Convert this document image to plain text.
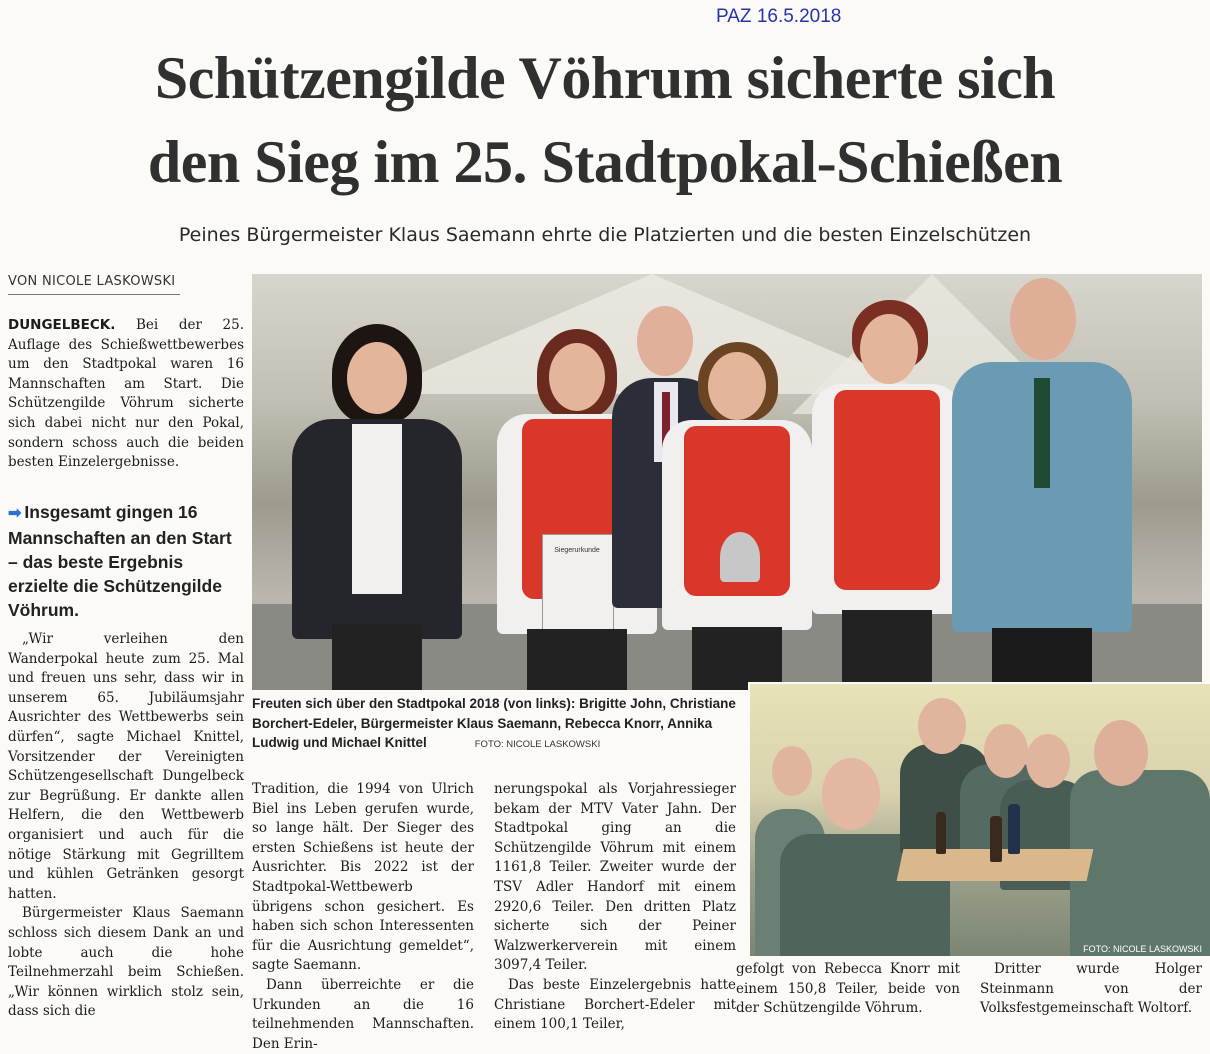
PAZ 16.5.2018
Schützengilde Vöhrum sicherte sich
den Sieg im 25. Stadtpokal-Schießen
Peines Bürgermeister Klaus Saemann ehrte die Platzierten und die besten Einzelschützen
VON NICOLE LASKOWSKI

DUNGELBECK. Bei der 25. Auflage des Schießwettbewerbes um den Stadtpokal waren 16 Mannschaften am Start. Die Schützengilde Vöhrum sicherte sich dabei nicht nur den Pokal, sondern schoss auch die beiden besten Einzelergebnisse.

➡ Insgesamt gingen 16 Mannschaften an den Start – das beste Ergebnis erzielte die Schützengilde Vöhrum.

„Wir verleihen den Wanderpokal heute zum 25. Mal und freuen uns sehr, dass wir in unserem 65. Jubiläumsjahr Ausrichter des Wettbewerbs sein dürfen“, sagte Michael Knittel, Vorsitzender der Vereinigten Schützengesellschaft Dungelbeck zur Begrüßung. Er dankte allen Helfern, die den Wettbewerb organisiert und auch für die nötige Stärkung mit Gegrilltem und kühlen Getränken gesorgt hatten.

Bürgermeister Klaus Saemann schloss sich diesem Dank an und lobte auch die hohe Teilnehmerzahl beim Schießen. „Wir können wirklich stolz sein, dass sich die

Siegerurkunde
Freuten sich über den Stadtpokal 2018 (von links): Brigitte John, Christiane Borchert-Edeler, Bürgermeister Klaus Saemann, Rebecca Knorr, Annika Ludwig und Michael Knittel	FOTO: NICOLE LASKOWSKI
FOTO: NICOLE LASKOWSKI

Tradition, die 1994 von Ulrich Biel ins Leben gerufen wurde, so lange hält. Der Sieger des ersten Schießens ist heute der Ausrichter. Bis 2022 ist der Stadtpokal-Wettbewerb übrigens schon gesichert. Es haben sich schon Interessenten für die Ausrichtung gemeldet“, sagte Saemann.

Dann überreichte er die Urkunden an die 16 teilnehmenden Mannschaften. Den Erin-

nerungspokal als Vorjahressieger bekam der MTV Vater Jahn. Der Stadtpokal ging an die Schützengilde Vöhrum mit einem 1161,8 Teiler. Zweiter wurde der TSV Adler Handorf mit einem 2920,6 Teiler. Den dritten Platz sicherte sich der Peiner Walzwerkerverein mit einem 3097,4 Teiler.

Das beste Einzelergebnis hatte Christiane Borchert-Edeler mit einem 100,1 Teiler,

gefolgt von Rebecca Knorr mit einem 150,8 Teiler, beide von der Schützengilde Vöhrum.

Dritter wurde Holger Steinmann von der Volksfestgemeinschaft Woltorf.
